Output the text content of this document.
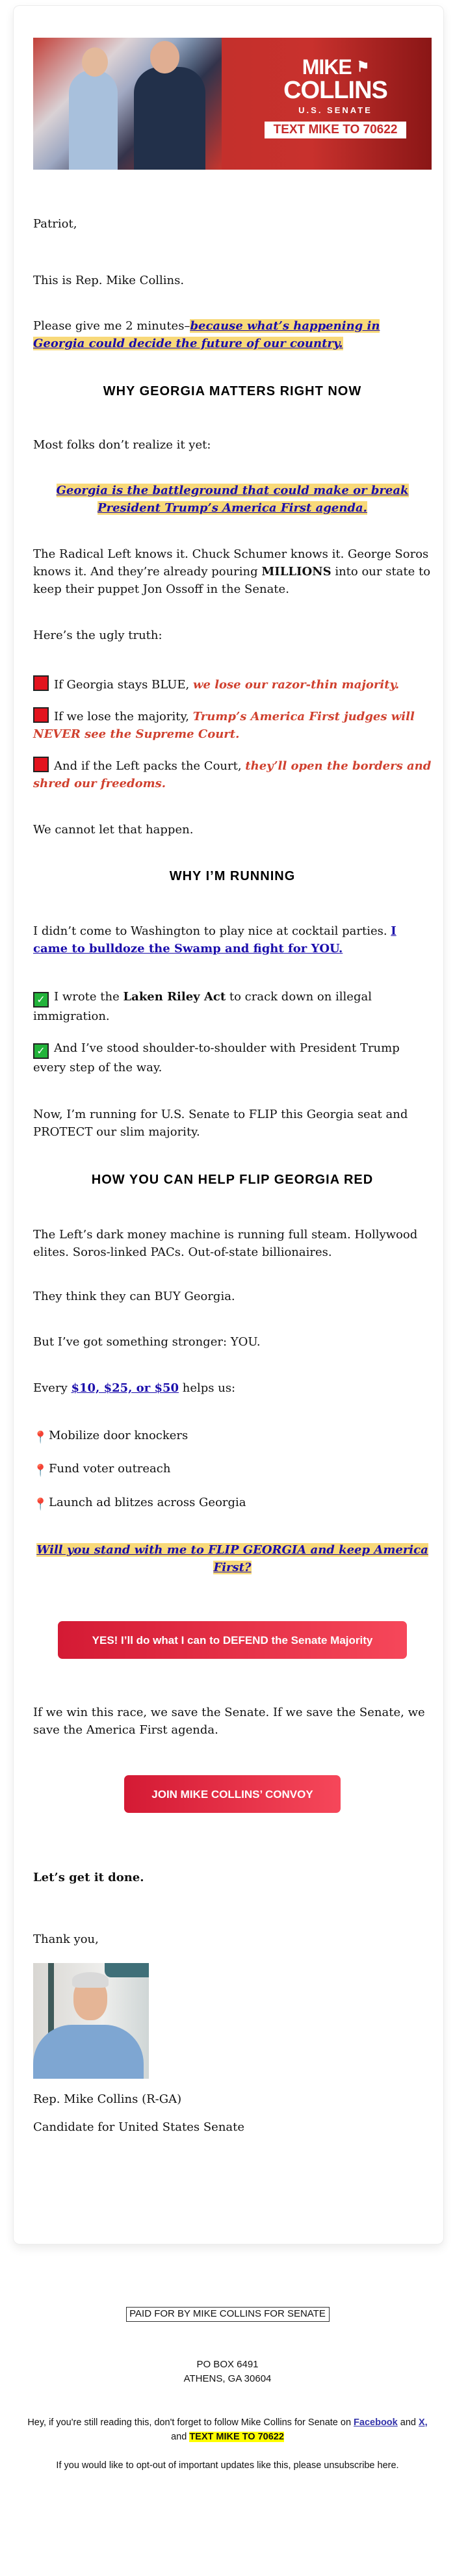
MIKE ⚑
COLLINS
U.S. SENATE
TEXT MIKE TO 70622

Patriot,

This is Rep. Mike Collins.

Please give me 2 minutes–because what’s happening in Georgia could decide the future of our country.

WHY GEORGIA MATTERS RIGHT NOW

Most folks don’t realize it yet:

Georgia is the battleground that could make or break President Trump’s America First agenda.

The Radical Left knows it. Chuck Schumer knows it. George Soros knows it. And they’re already pouring MILLIONS into our state to keep their puppet Jon Ossoff in the Senate.

Here’s the ugly truth:

If Georgia stays BLUE, we lose our razor-thin majority.

If we lose the majority, Trump’s America First judges will NEVER see the Supreme Court.

And if the Left packs the Court, they’ll open the borders and shred our freedoms.

We cannot let that happen.

WHY I’M RUNNING

I didn’t come to Washington to play nice at cocktail parties. I came to bulldoze the Swamp and fight for YOU.

✓ I wrote the Laken Riley Act to crack down on illegal immigration.

✓ And I’ve stood shoulder-to-shoulder with President Trump every step of the way.

Now, I’m running for U.S. Senate to FLIP this Georgia seat and PROTECT our slim majority.

HOW YOU CAN HELP FLIP GEORGIA RED

The Left’s dark money machine is running full steam. Hollywood elites. Soros-linked PACs. Out-of-state billionaires.

They think they can BUY Georgia.

But I’ve got something stronger: YOU.

Every $10, $25, or $50 helps us:

📍Mobilize door knockers

📍Fund voter outreach

📍Launch ad blitzes across Georgia

Will you stand with me to FLIP GEORGIA and keep America First?

YES! I’ll do what I can to DEFEND the Senate Majority

If we win this race, we save the Senate. If we save the Senate, we save the America First agenda.

JOIN MIKE COLLINS’ CONVOY

Let’s get it done.

Thank you,

Rep. Mike Collins (R-GA)

Candidate for United States Senate

PAID FOR BY MIKE COLLINS FOR SENATE
PO BOX 6491
ATHENS, GA 30604
Hey, if you're still reading this, don't forget to follow Mike Collins for Senate on Facebook and X, and TEXT MIKE TO 70622
If you would like to opt-out of important updates like this, please unsubscribe here.
